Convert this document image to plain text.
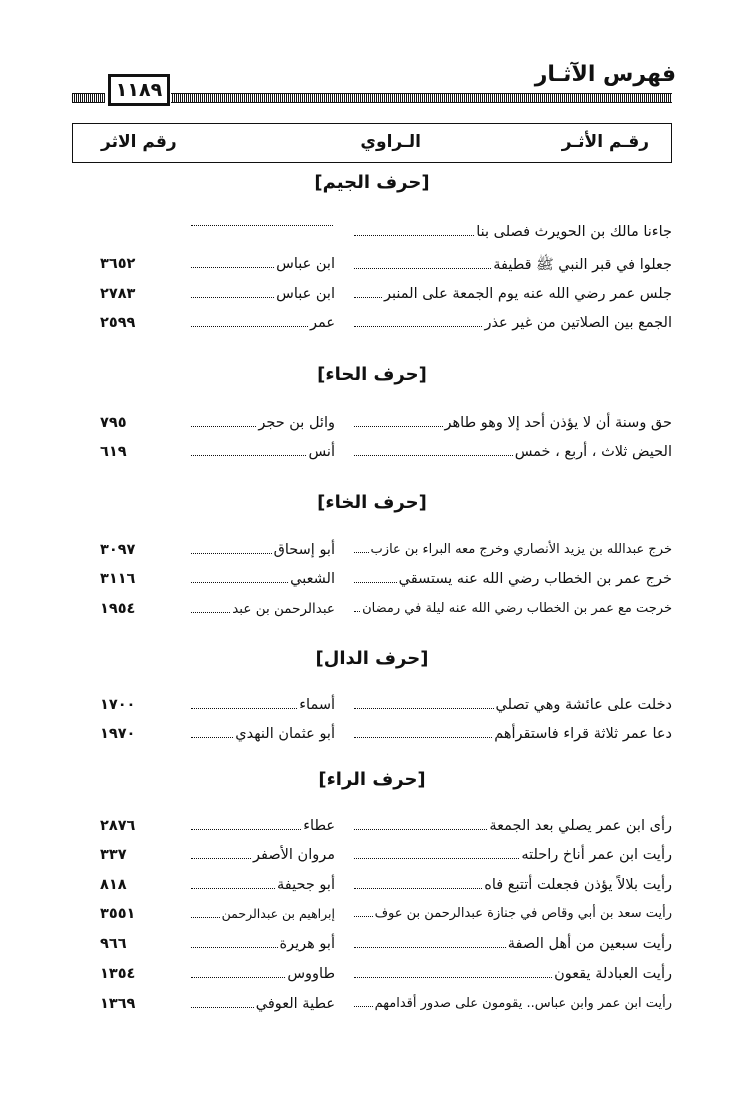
فهرس الآثـار
١١٨٩
رقـم الأثـر
الـراوي
رقم الاثر
[حرف الجيم]
جاءنا مالك بن الحويرث فصلى بنا
جعلوا في قبر النبي ﷺ قطيفة
ابن عباس
٣٦٥٢
جلس عمر رضي الله عنه يوم الجمعة على المنبر
ابن عباس
٢٧٨٣
الجمع بين الصلاتين من غير عذر
عمر
٢٥٩٩
[حرف الحاء]
حق وسنة أن لا يؤذن أحد إلا وهو طاهر
وائل بن حجر
٧٩٥
الحيض ثلاث ، أربع ، خمس
أنس
٦١٩
[حرف الخاء]
خرج عبدالله بن يزيد الأنصاري وخرج معه البراء بن عازب
أبو إسحاق
٣٠٩٧
خرج عمر بن الخطاب رضي الله عنه يستسقي
الشعبي
٣١١٦
خرجت مع عمر بن الخطاب رضي الله عنه ليلة في رمضان
عبدالرحمن بن عبد
١٩٥٤
[حرف الدال]
دخلت على عائشة وهي تصلي
أسماء
١٧٠٠
دعا عمر ثلاثة قراء فاستقرأهم
أبو عثمان النهدي
١٩٧٠
[حرف الراء]
رأى ابن عمر يصلي بعد الجمعة
عطاء
٢٨٧٦
رأيت ابن عمر أناخ راحلته
مروان الأصفر
٣٣٧
رأيت بلالاً يؤذن فجعلت أتتبع فاه
أبو جحيفة
٨١٨
رأيت سعد بن أبي وقاص في جنازة عبدالرحمن بن عوف
إبراهيم بن عبدالرحمن
٣٥٥١
رأيت سبعين من أهل الصفة
أبو هريرة
٩٦٦
رأيت العبادلة يقعون
طاووس
١٣٥٤
رأيت ابن عمر وابن عباس.. يقومون على صدور أقدامهم
عطية العوفي
١٣٦٩
